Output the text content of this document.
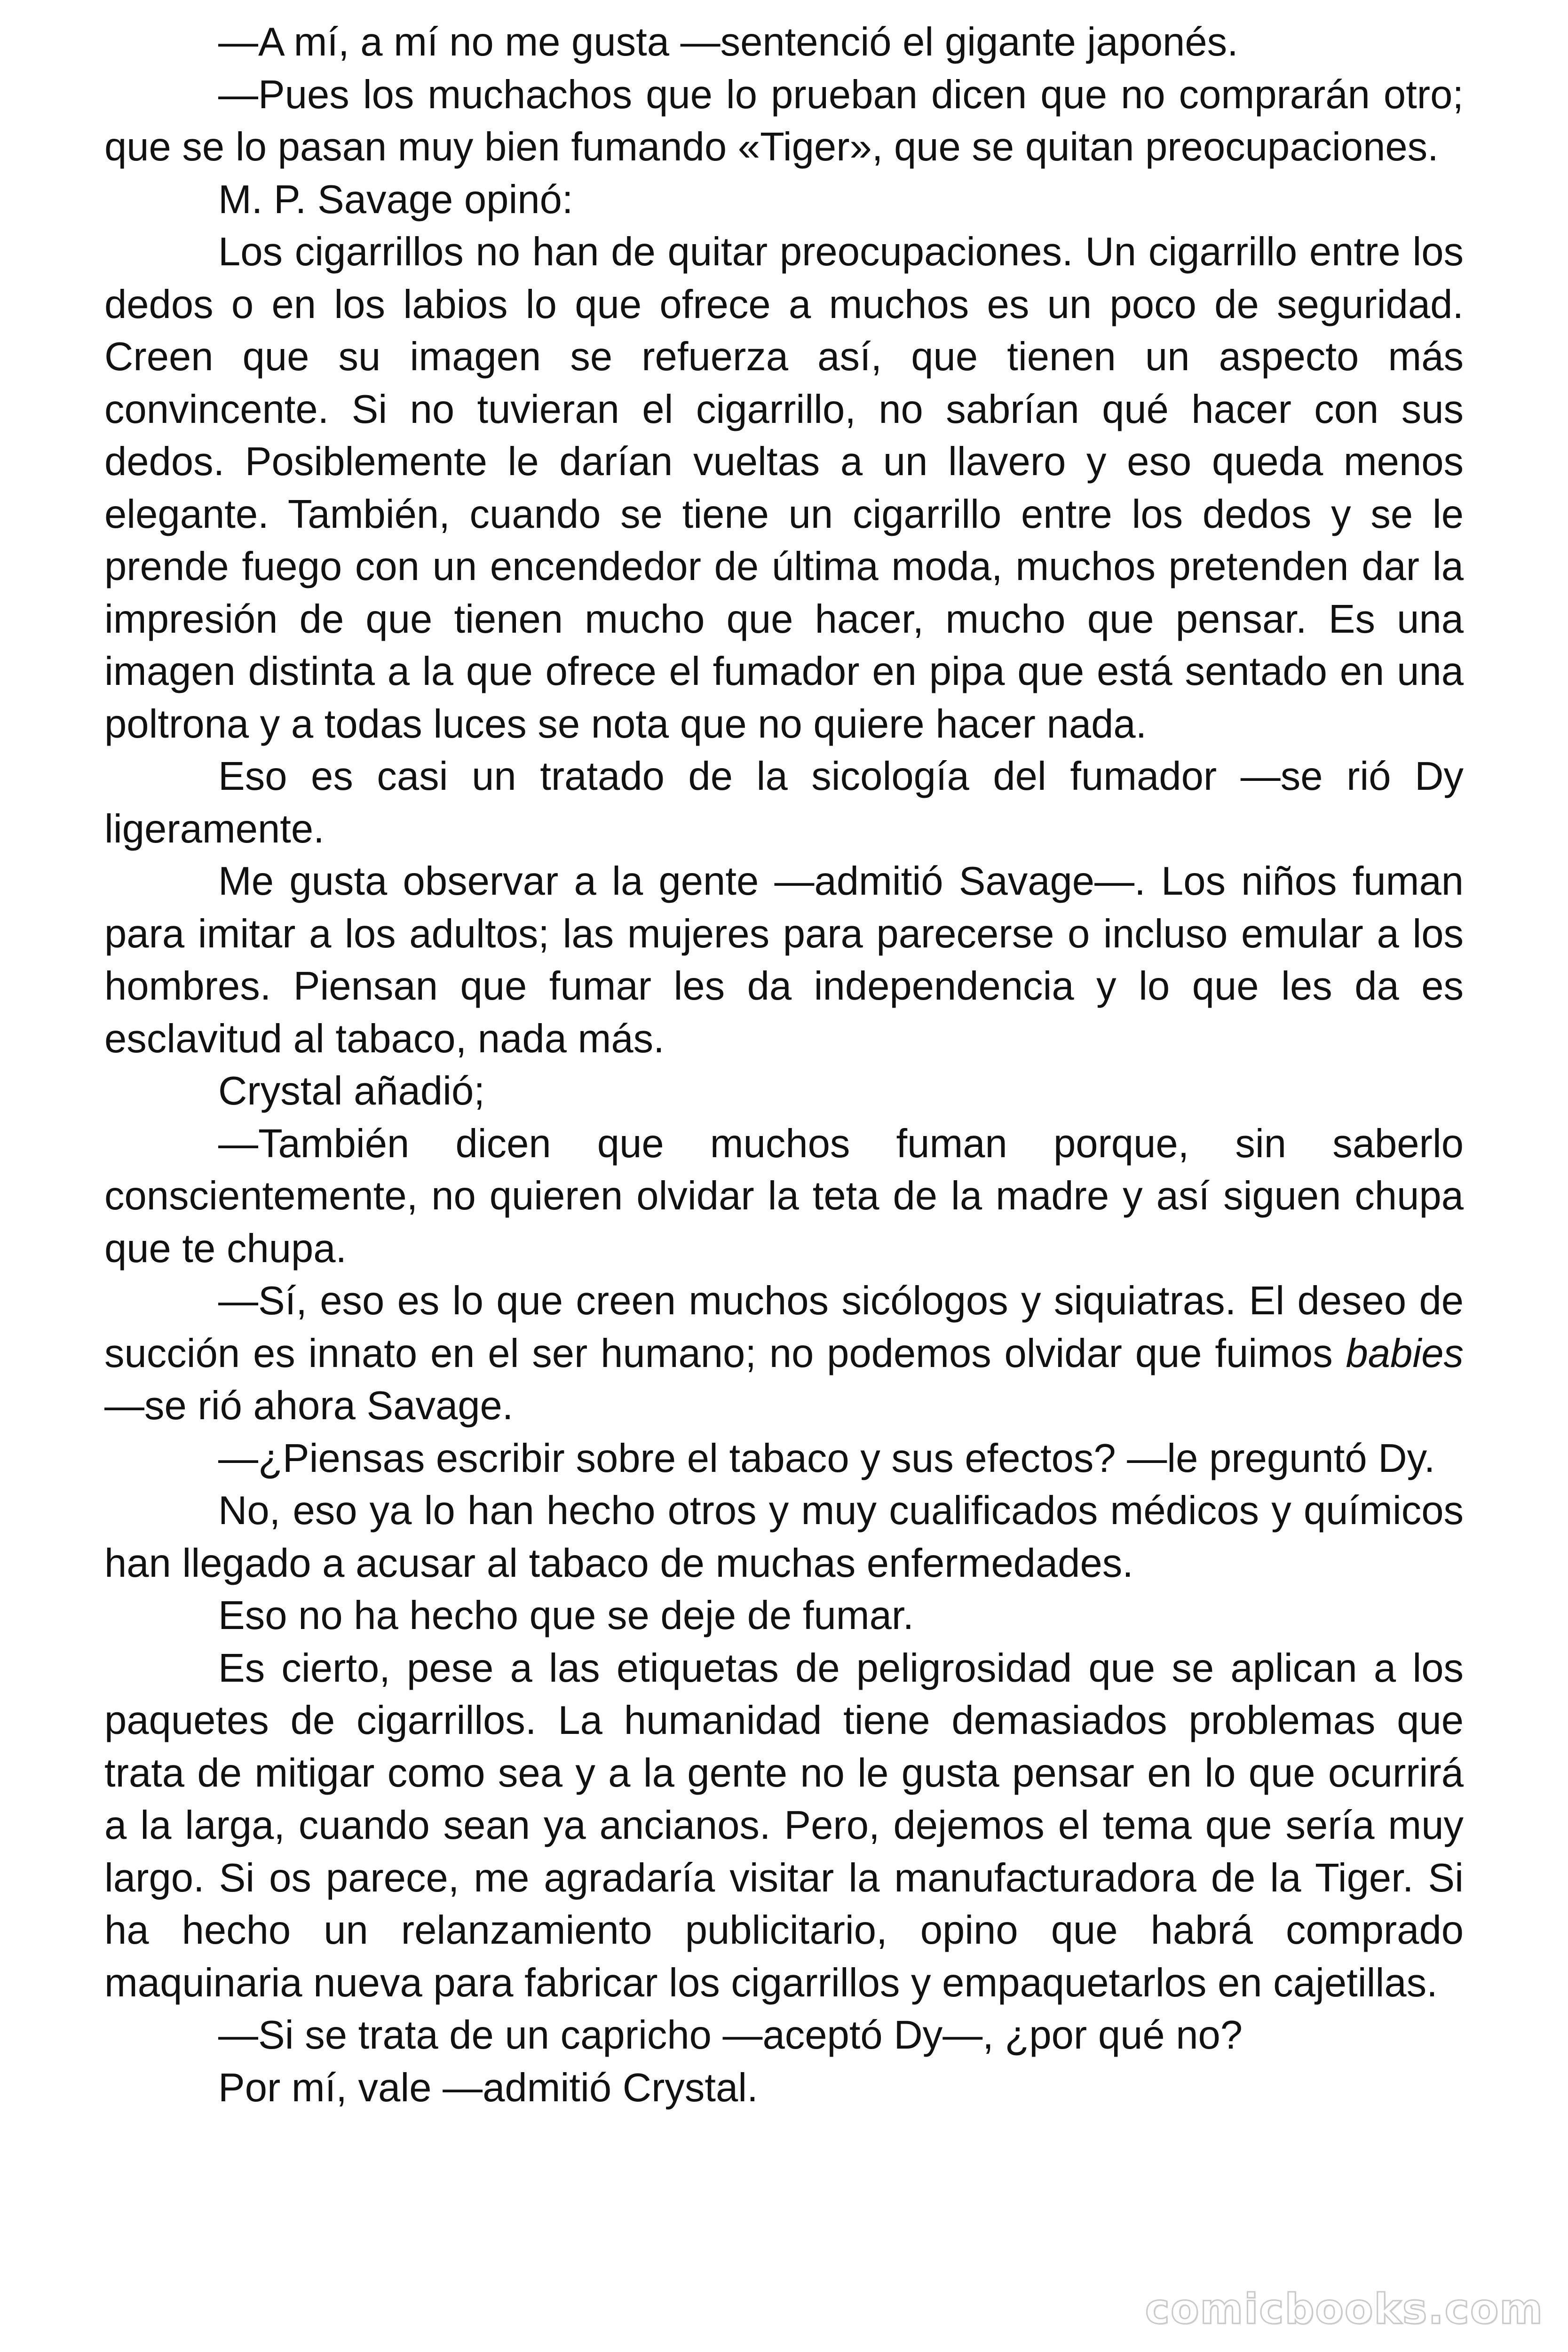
—A mí, a mí no me gusta —sentenció el gigante japonés.

—Pues los muchachos que lo prueban dicen que no comprarán otro; que se lo pasan muy bien fumando «Tiger», que se quitan preocupaciones.

M. P. Savage opinó:

Los cigarrillos no han de quitar preocupaciones. Un cigarrillo entre los dedos o en los labios lo que ofrece a muchos es un poco de seguridad. Creen que su imagen se refuerza así, que tienen un aspecto más convincente. Si no tuvieran el cigarrillo, no sabrían qué hacer con sus dedos. Posiblemente le darían vueltas a un llavero y eso queda menos elegante. También, cuando se tiene un cigarrillo entre los dedos y se le prende fuego con un encendedor de última moda, muchos pretenden dar la impresión de que tienen mucho que hacer, mucho que pensar. Es una imagen distinta a la que ofrece el fumador en pipa que está sentado en una poltrona y a todas luces se nota que no quiere hacer nada.

Eso es casi un tratado de la sicología del fumador —se rió Dy ligeramente.

Me gusta observar a la gente —admitió Savage—. Los niños fuman para imitar a los adultos; las mujeres para parecerse o incluso emular a los hombres. Piensan que fumar les da independencia y lo que les da es esclavitud al tabaco, nada más.

Crystal añadió;

—También dicen que muchos fuman porque, sin saberlo conscientemente, no quieren olvidar la teta de la madre y así siguen chupa que te chupa.

—Sí, eso es lo que creen muchos sicólogos y siquiatras. El deseo de succión es innato en el ser humano; no podemos olvidar que fuimos babies —se rió ahora Savage.

—¿Piensas escribir sobre el tabaco y sus efectos? —le preguntó Dy.

No, eso ya lo han hecho otros y muy cualificados médicos y químicos han llegado a acusar al tabaco de muchas enfermedades.

Eso no ha hecho que se deje de fumar.

Es cierto, pese a las etiquetas de peligrosidad que se aplican a los paquetes de cigarrillos. La humanidad tiene demasiados problemas que trata de mitigar como sea y a la gente no le gusta pensar en lo que ocurrirá a la larga, cuando sean ya ancianos. Pero, dejemos el tema que sería muy largo. Si os parece, me agradaría visitar la manufacturadora de la Tiger. Si ha hecho un relanzamiento publicitario, opino que habrá comprado maquinaria nueva para fabricar los cigarrillos y empaquetarlos en cajetillas.

—Si se trata de un capricho —aceptó Dy—, ¿por qué no?

Por mí, vale —admitió Crystal.

comicbooks.com
